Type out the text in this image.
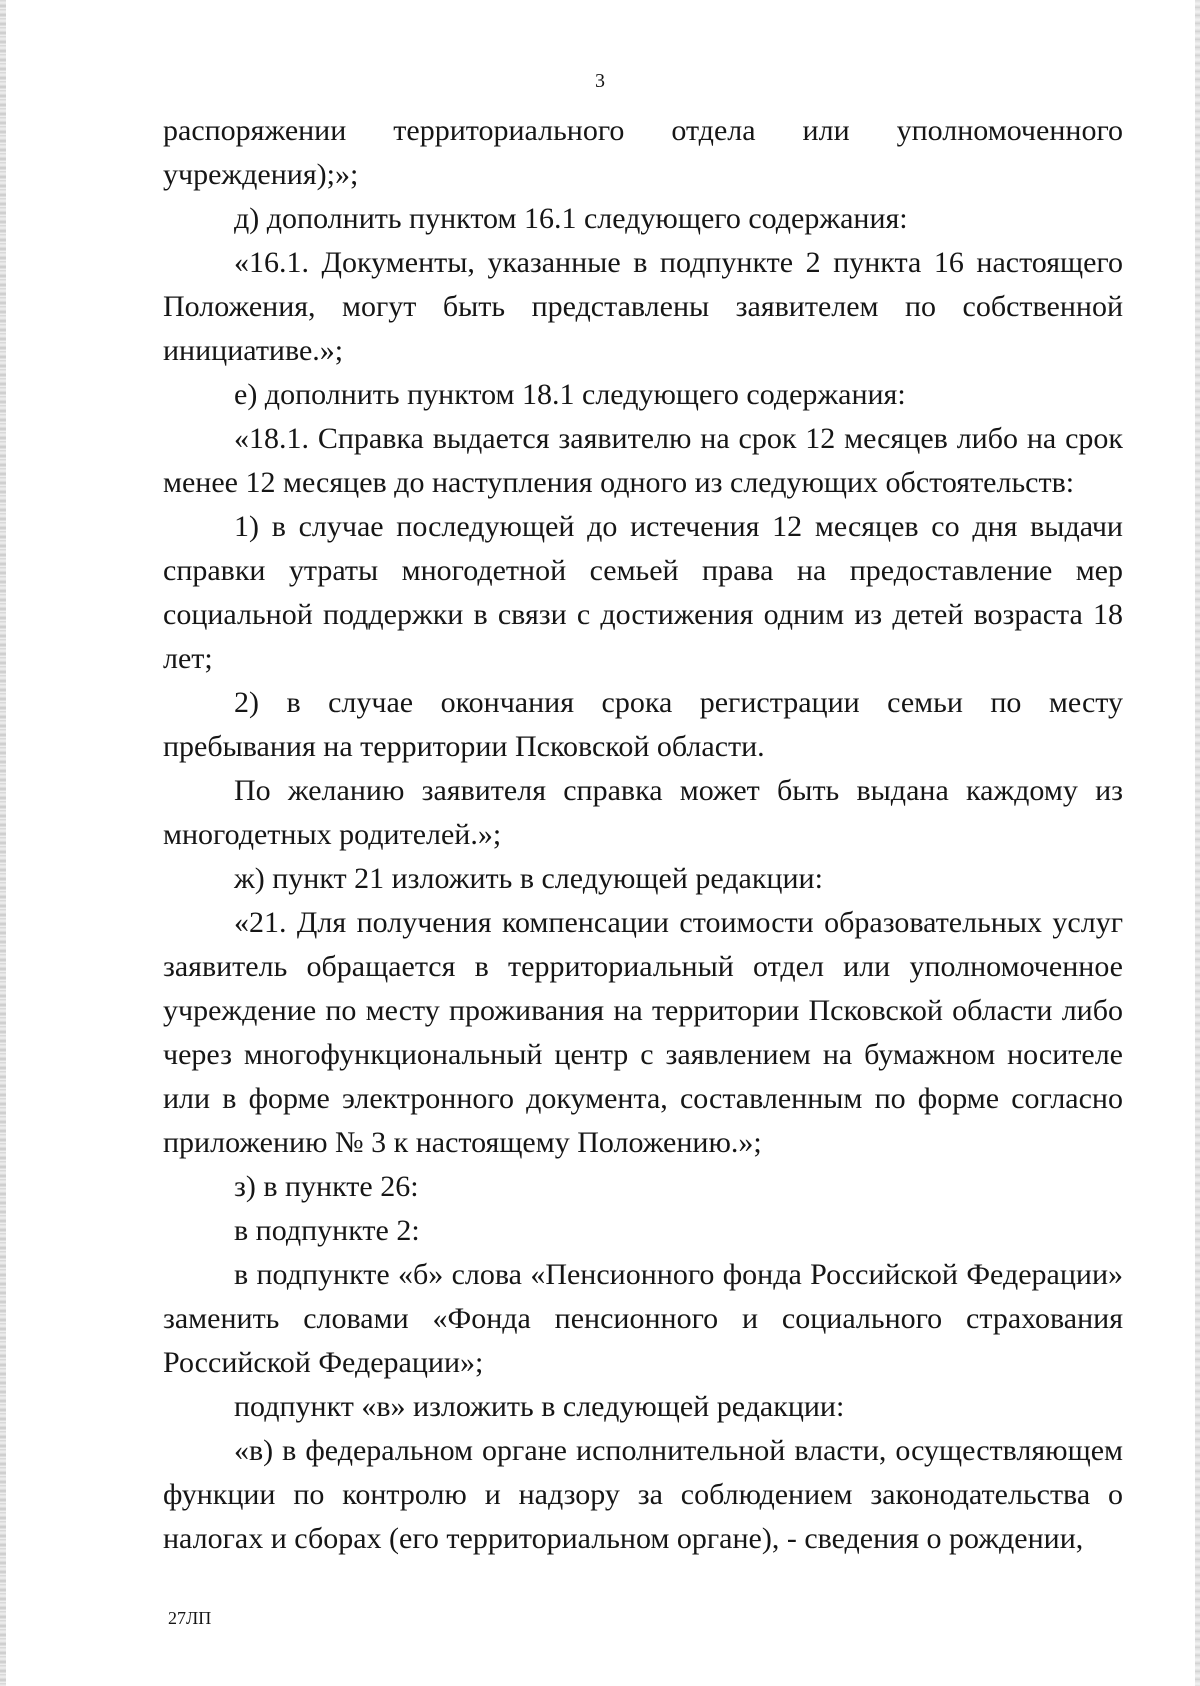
3

распоряжении территориального отдела или уполномоченного учреждения);»;

д) дополнить пунктом 16.1 следующего содержания:

«16.1. Документы, указанные в подпункте 2 пункта 16 настоящего Положения, могут быть представлены заявителем по собственной инициативе.»;

е) дополнить пунктом 18.1 следующего содержания:

«18.1. Справка выдается заявителю на срок 12 месяцев либо на срок менее 12 месяцев до наступления одного из следующих обстоятельств:

1) в случае последующей до истечения 12 месяцев со дня выдачи справки утраты многодетной семьей права на предоставление мер социальной поддержки в связи с достижения одним из детей возраста 18 лет;

2) в случае окончания срока регистрации семьи по месту пребывания на территории Псковской области.

По желанию заявителя справка может быть выдана каждому из многодетных родителей.»;

ж) пункт 21 изложить в следующей редакции:

«21. Для получения компенсации стоимости образовательных услуг заявитель обращается в территориальный отдел или уполномоченное учреждение по месту проживания на территории Псковской области либо через многофункциональный центр с заявлением на бумажном носителе или в форме электронного документа, составленным по форме согласно приложению № 3 к настоящему Положению.»;

з) в пункте 26:

в подпункте 2:

в подпункте «б» слова «Пенсионного фонда Российской Федерации» заменить словами «Фонда пенсионного и социального страхования Российской Федерации»;

подпункт «в» изложить в следующей редакции:

«в) в федеральном органе исполнительной власти, осуществляющем функции по контролю и надзору за соблюдением законодательства о налогах и сборах (его территориальном органе), - сведения о рождении,

27ЛП
